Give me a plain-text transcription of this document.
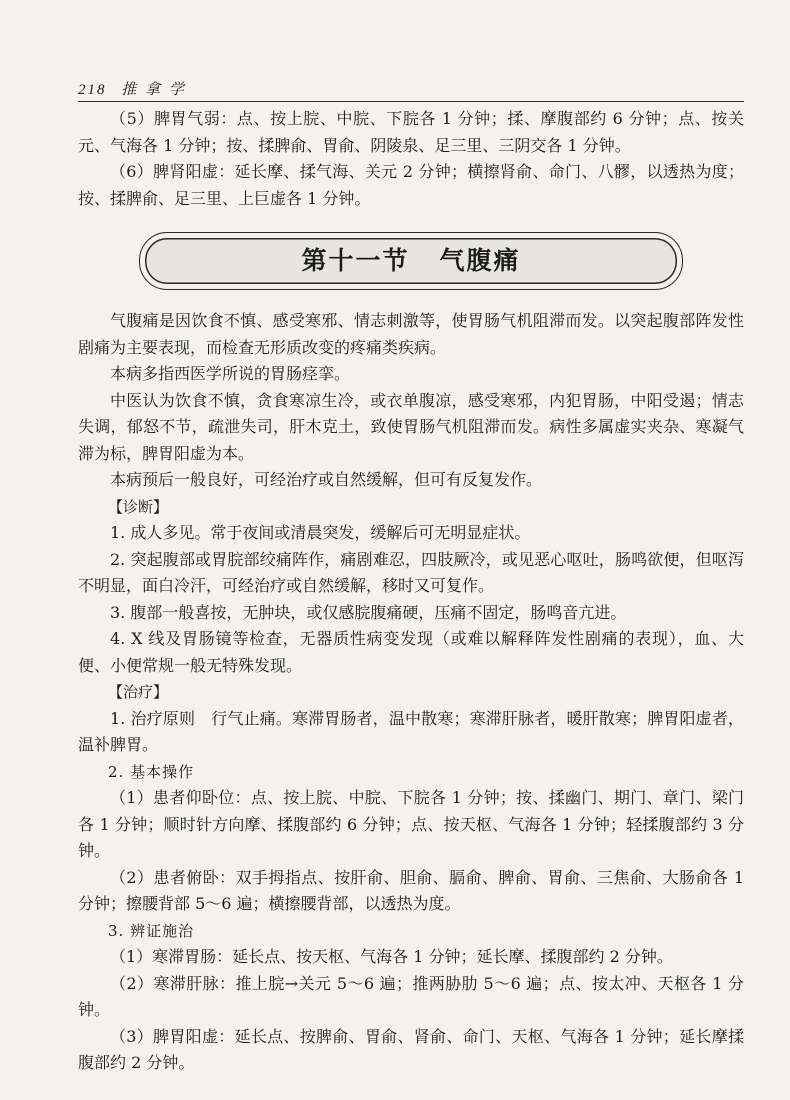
218 推 拿 学

（5）脾胃气弱：点、按上脘、中脘、下脘各 1 分钟；揉、摩腹部约 6 分钟；点、按关元、气海各 1 分钟；按、揉脾俞、胃俞、阴陵泉、足三里、三阴交各 1 分钟。

（6）脾肾阳虚：延长摩、揉气海、关元 2 分钟；横擦肾俞、命门、八髎，以透热为度；按、揉脾俞、足三里、上巨虚各 1 分钟。

第十一节 气腹痛

气腹痛是因饮食不慎、感受寒邪、情志刺激等，使胃肠气机阻滞而发。以突起腹部阵发性剧痛为主要表现，而检查无形质改变的疼痛类疾病。

本病多指西医学所说的胃肠痉挛。

中医认为饮食不慎，贪食寒凉生冷，或衣单腹凉，感受寒邪，内犯胃肠，中阳受遏；情志失调，郁怒不节，疏泄失司，肝木克土，致使胃肠气机阻滞而发。病性多属虚实夹杂、寒凝气滞为标，脾胃阳虚为本。

本病预后一般良好，可经治疗或自然缓解，但可有反复发作。

【诊断】

1. 成人多见。常于夜间或清晨突发，缓解后可无明显症状。

2. 突起腹部或胃脘部绞痛阵作，痛剧难忍，四肢厥冷，或见恶心呕吐，肠鸣欲便，但呕泻不明显，面白冷汗，可经治疗或自然缓解，移时又可复作。

3. 腹部一般喜按，无肿块，或仅感脘腹痛硬，压痛不固定，肠鸣音亢进。

4. X 线及胃肠镜等检查，无器质性病变发现（或难以解释阵发性剧痛的表现），血、大便、小便常规一般无特殊发现。

【治疗】

1. 治疗原则　行气止痛。寒滞胃肠者，温中散寒；寒滞肝脉者，暖肝散寒；脾胃阳虚者，温补脾胃。

2. 基本操作

（1）患者仰卧位：点、按上脘、中脘、下脘各 1 分钟；按、揉幽门、期门、章门、梁门各 1 分钟；顺时针方向摩、揉腹部约 6 分钟；点、按天枢、气海各 1 分钟；轻揉腹部约 3 分钟。

（2）患者俯卧：双手拇指点、按肝俞、胆俞、膈俞、脾俞、胃俞、三焦俞、大肠俞各 1 分钟；擦腰背部 5～6 遍；横擦腰背部，以透热为度。

3. 辨证施治

（1）寒滞胃肠：延长点、按天枢、气海各 1 分钟；延长摩、揉腹部约 2 分钟。

（2）寒滞肝脉：推上脘→关元 5～6 遍；推两胁肋 5～6 遍；点、按太冲、天枢各 1 分钟。

（3）脾胃阳虚：延长点、按脾俞、胃俞、肾俞、命门、天枢、气海各 1 分钟；延长摩揉腹部约 2 分钟。
